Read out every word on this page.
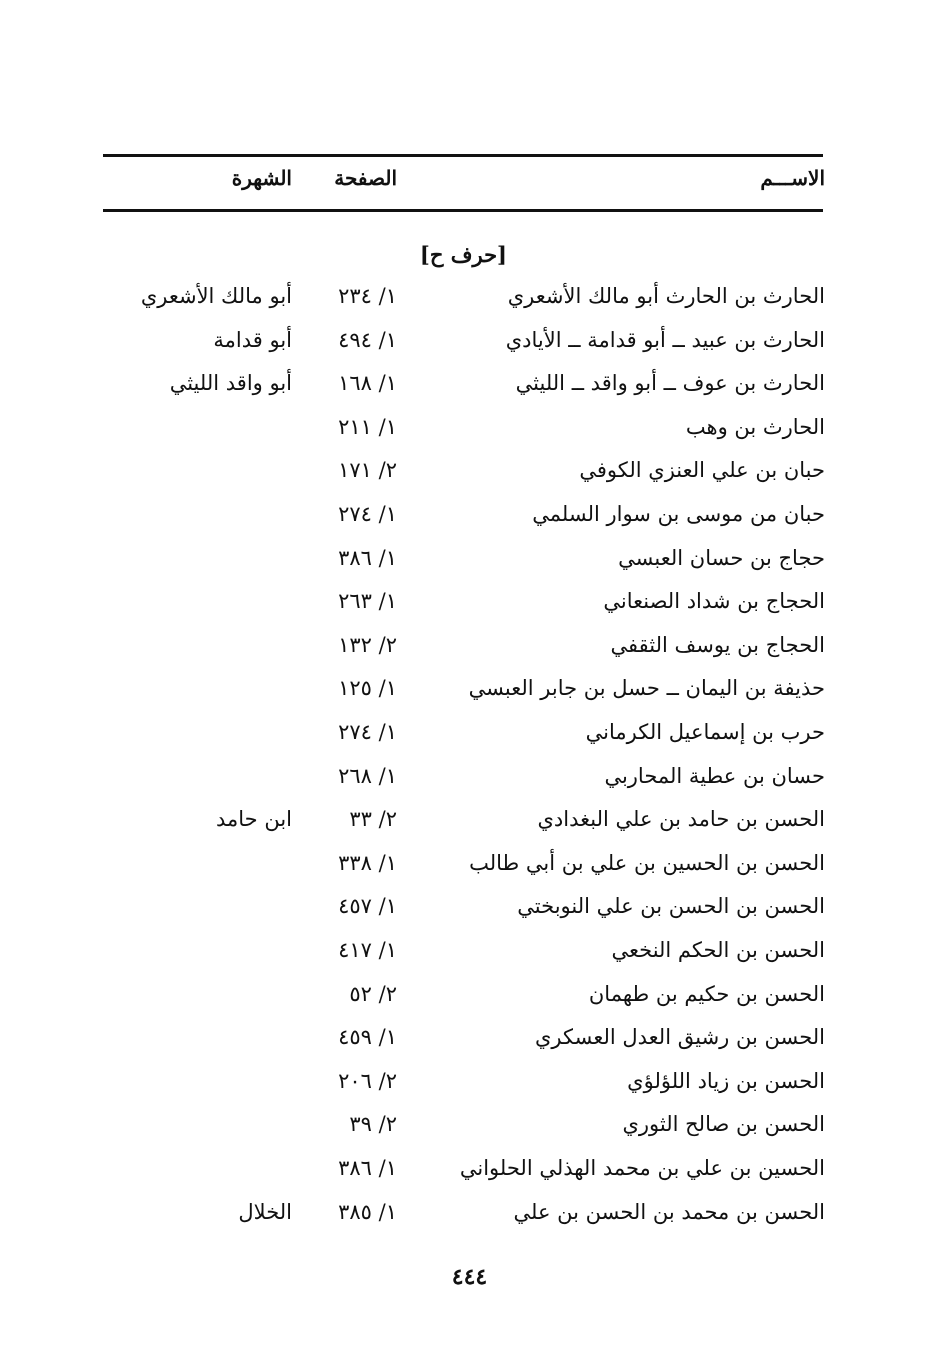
الاســـم
الصفحة
الشهرة
[حرف ح]
الحارث بن الحارث أبو مالك الأشعري
١/ ٢٣٤
أبو مالك الأشعري
الحارث بن عبيد ــ أبو قدامة ــ الأيادي
١/ ٤٩٤
أبو قدامة
الحارث بن عوف ــ أبو واقد ــ الليثي
١/ ١٦٨
أبو واقد الليثي
الحارث بن وهب
١/ ٢١١
حبان بن علي العنزي الكوفي
٢/ ١٧١
حبان من موسى بن سوار السلمي
١/ ٢٧٤
حجاج بن حسان العبسي
١/ ٣٨٦
الحجاج بن شداد الصنعاني
١/ ٢٦٣
الحجاج بن يوسف الثقفي
٢/ ١٣٢
حذيفة بن اليمان ــ حسل بن جابر العبسي
١/ ١٢٥
حرب بن إسماعيل الكرماني
١/ ٢٧٤
حسان بن عطية المحاربي
١/ ٢٦٨
الحسن بن حامد بن علي البغدادي
٢/ ٣٣
ابن حامد
الحسن بن الحسين بن علي بن أبي طالب
١/ ٣٣٨
الحسن بن الحسن بن علي النوبختي
١/ ٤٥٧
الحسن بن الحكم النخعي
١/ ٤١٧
الحسن بن حكيم بن طهمان
٢/ ٥٢
الحسن بن رشيق العدل العسكري
١/ ٤٥٩
الحسن بن زياد اللؤلؤي
٢/ ٢٠٦
الحسن بن صالح الثوري
٢/ ٣٩
الحسين بن علي بن محمد الهذلي الحلواني
١/ ٣٨٦
الحسن بن محمد بن الحسن بن علي
١/ ٣٨٥
الخلال
٤٤٤
